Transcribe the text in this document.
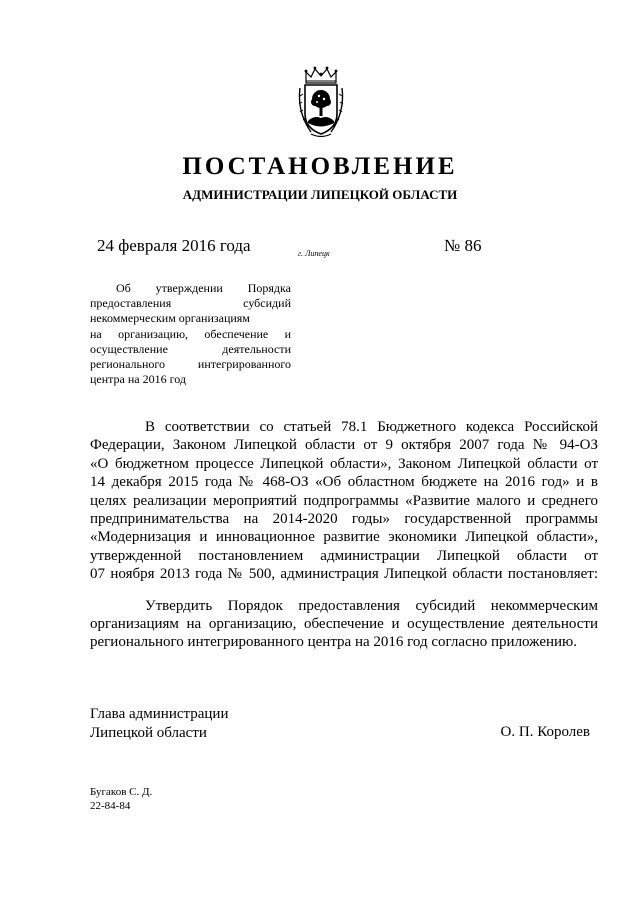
ПОСТАНОВЛЕНИЕ
АДМИНИСТРАЦИИ ЛИПЕЦКОЙ ОБЛАСТИ
24 февраля 2016 года	г. Липецк	№ 86
Об утверждении Порядка
предоставления субсидий
некоммерческим организациям
на организацию, обеспечение и
осуществление деятельности
регионального интегрированного
центра на 2016 год
В соответствии со статьей 78.1 Бюджетного кодекса Российской
Федерации, Законом Липецкой области от 9 октября 2007 года № 94-ОЗ
«О бюджетном процессе Липецкой области», Законом Липецкой области от
14 декабря 2015 года № 468-ОЗ «Об областном бюджете на 2016 год» и в
целях реализации мероприятий подпрограммы «Развитие малого и среднего
предпринимательства на 2014-2020 годы» государственной программы
«Модернизация и инновационное развитие экономики Липецкой области»,
утвержденной постановлением администрации Липецкой области от
07 ноября 2013 года № 500, администрация Липецкой области постановляет:
Утвердить Порядок предоставления субсидий некоммерческим
организациям на организацию, обеспечение и осуществление деятельности
регионального интегрированного центра на 2016 год согласно приложению.
Глава администрации
Липецкой области	О. П. Королев
Бугаков С. Д.
22-84-84
